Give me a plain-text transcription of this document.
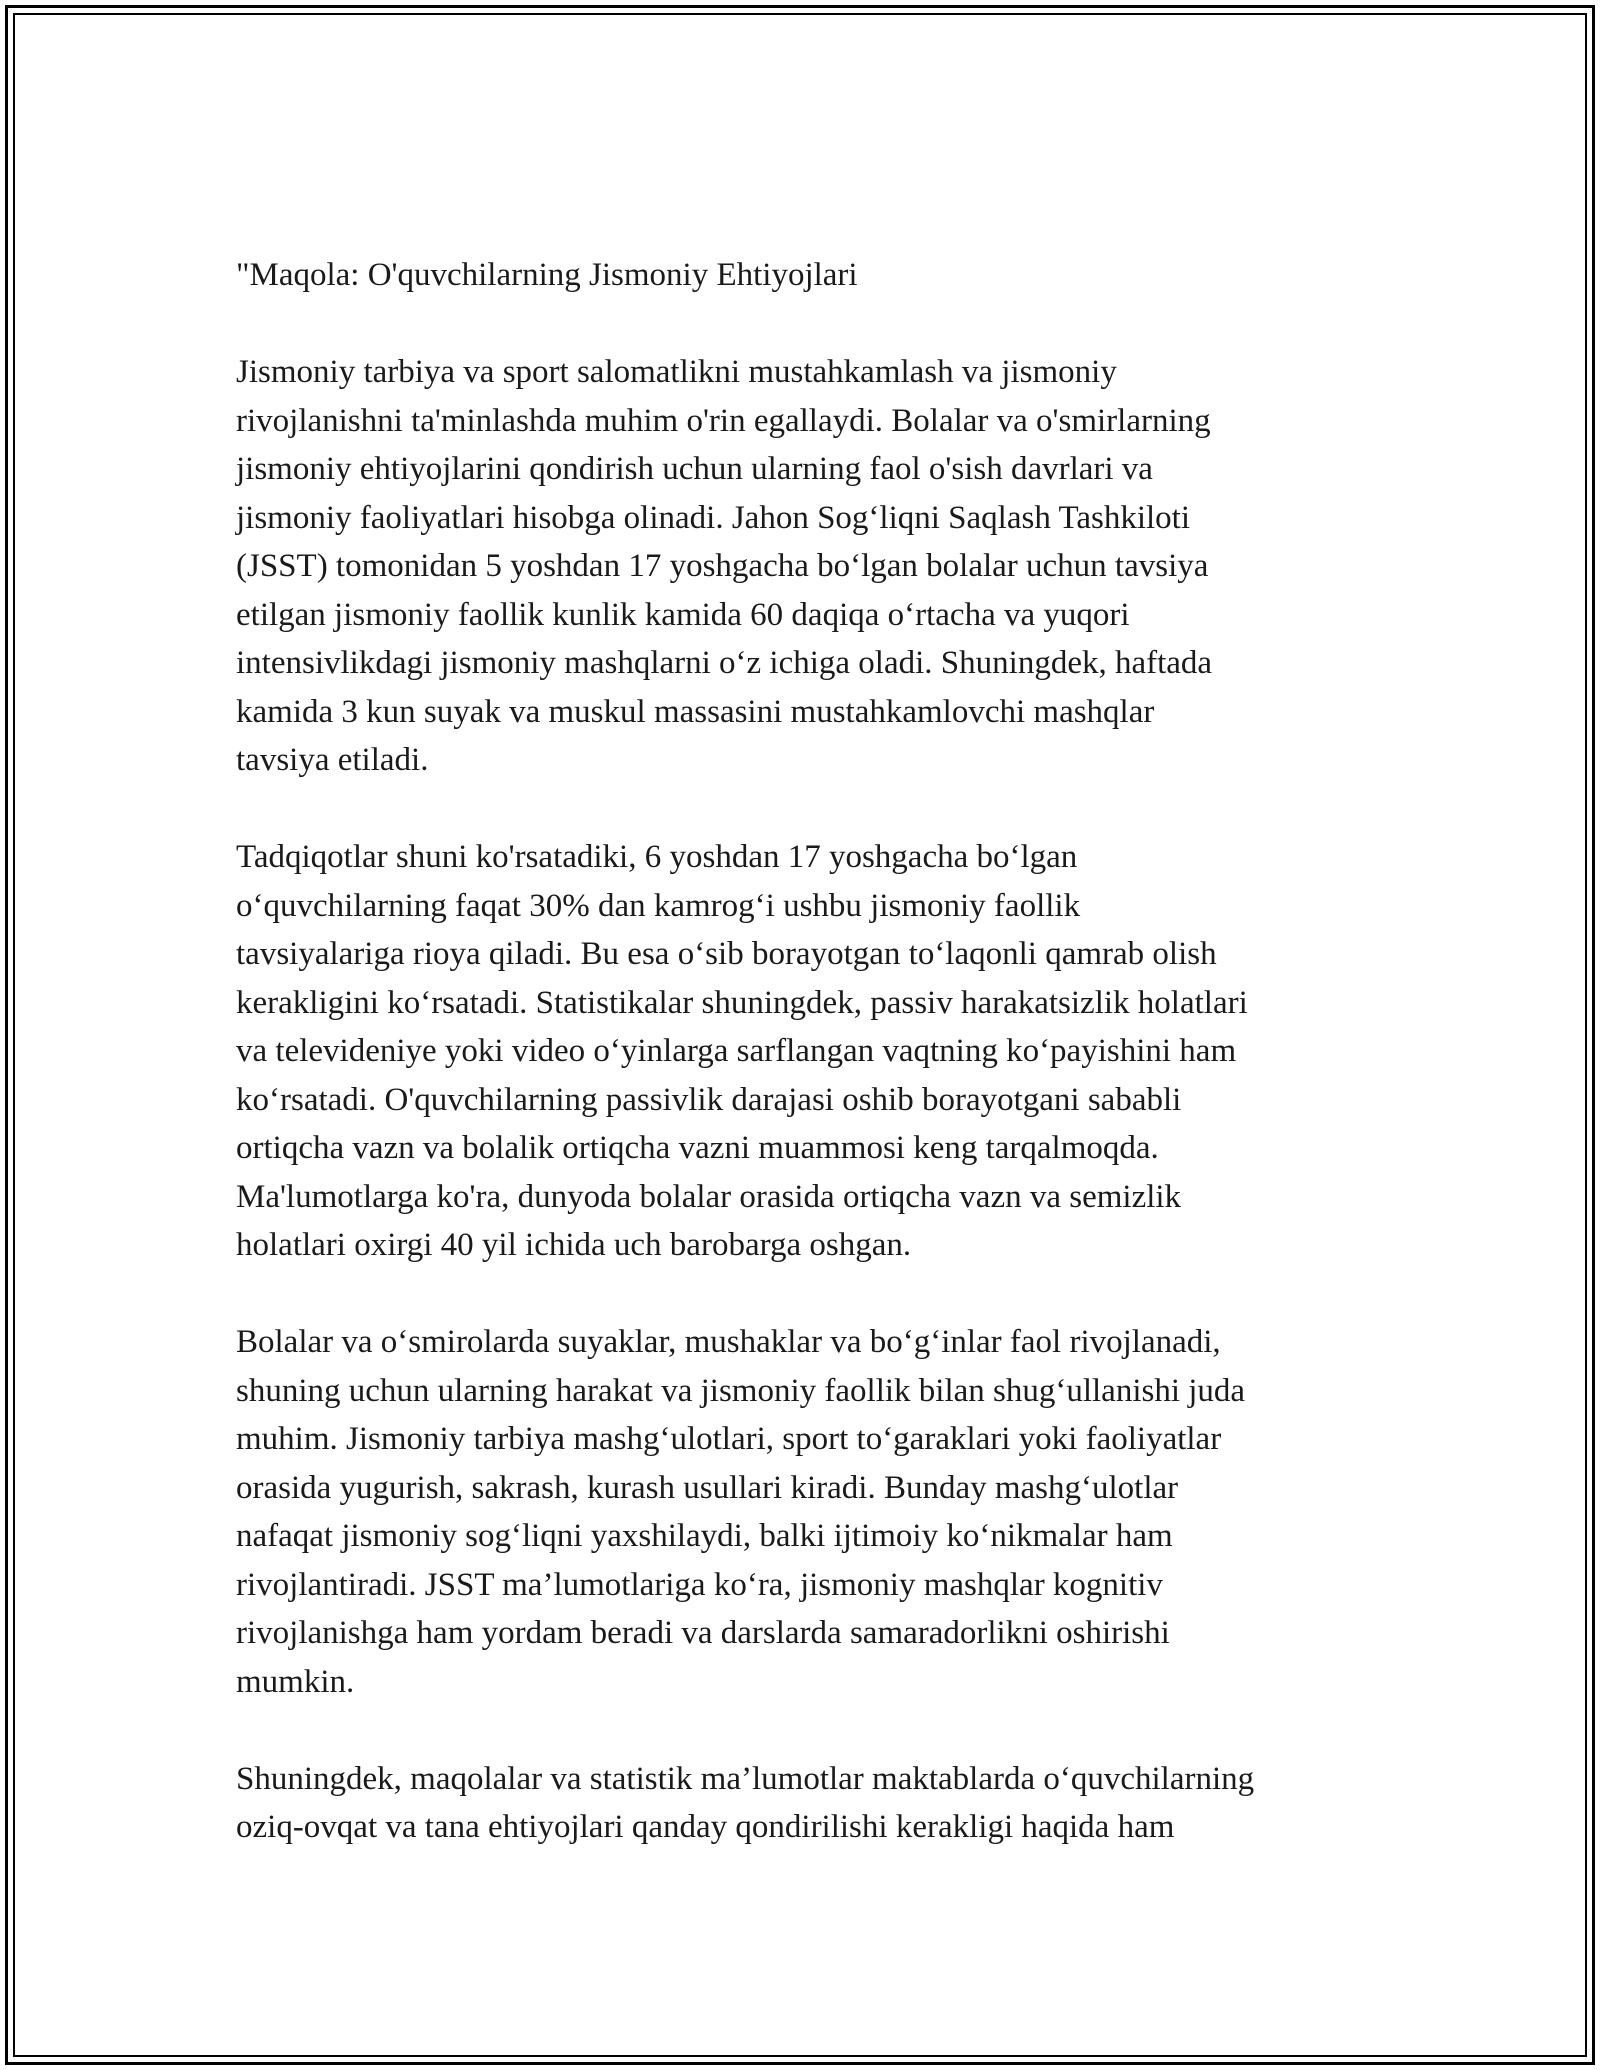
"Maqola: O'quvchilarning Jismoniy Ehtiyojlari
Jismoniy tarbiya va sport salomatlikni mustahkamlash va jismoniy
rivojlanishni ta'minlashda muhim o'rin egallaydi. Bolalar va o'smirlarning
jismoniy ehtiyojlarini qondirish uchun ularning faol o'sish davrlari va
jismoniy faoliyatlari hisobga olinadi. Jahon Sog‘liqni Saqlash Tashkiloti
(JSST) tomonidan 5 yoshdan 17 yoshgacha bo‘lgan bolalar uchun tavsiya
etilgan jismoniy faollik kunlik kamida 60 daqiqa o‘rtacha va yuqori
intensivlikdagi jismoniy mashqlarni o‘z ichiga oladi. Shuningdek, haftada
kamida 3 kun suyak va muskul massasini mustahkamlovchi mashqlar
tavsiya etiladi.
Tadqiqotlar shuni ko'rsatadiki, 6 yoshdan 17 yoshgacha bo‘lgan
o‘quvchilarning faqat 30% dan kamrog‘i ushbu jismoniy faollik
tavsiyalariga rioya qiladi. Bu esa o‘sib borayotgan to‘laqonli qamrab olish
kerakligini ko‘rsatadi. Statistikalar shuningdek, passiv harakatsizlik holatlari
va televideniye yoki video o‘yinlarga sarflangan vaqtning ko‘payishini ham
ko‘rsatadi. O'quvchilarning passivlik darajasi oshib borayotgani sababli
ortiqcha vazn va bolalik ortiqcha vazni muammosi keng tarqalmoqda.
Ma'lumotlarga ko'ra, dunyoda bolalar orasida ortiqcha vazn va semizlik
holatlari oxirgi 40 yil ichida uch barobarga oshgan.
Bolalar va o‘smirolarda suyaklar, mushaklar va bo‘g‘inlar faol rivojlanadi,
shuning uchun ularning harakat va jismoniy faollik bilan shug‘ullanishi juda
muhim. Jismoniy tarbiya mashg‘ulotlari, sport to‘garaklari yoki faoliyatlar
orasida yugurish, sakrash, kurash usullari kiradi. Bunday mashg‘ulotlar
nafaqat jismoniy sog‘liqni yaxshilaydi, balki ijtimoiy ko‘nikmalar ham
rivojlantiradi. JSST ma’lumotlariga ko‘ra, jismoniy mashqlar kognitiv
rivojlanishga ham yordam beradi va darslarda samaradorlikni oshirishi
mumkin.
Shuningdek, maqolalar va statistik ma’lumotlar maktablarda o‘quvchilarning
oziq-ovqat va tana ehtiyojlari qanday qondirilishi kerakligi haqida ham
